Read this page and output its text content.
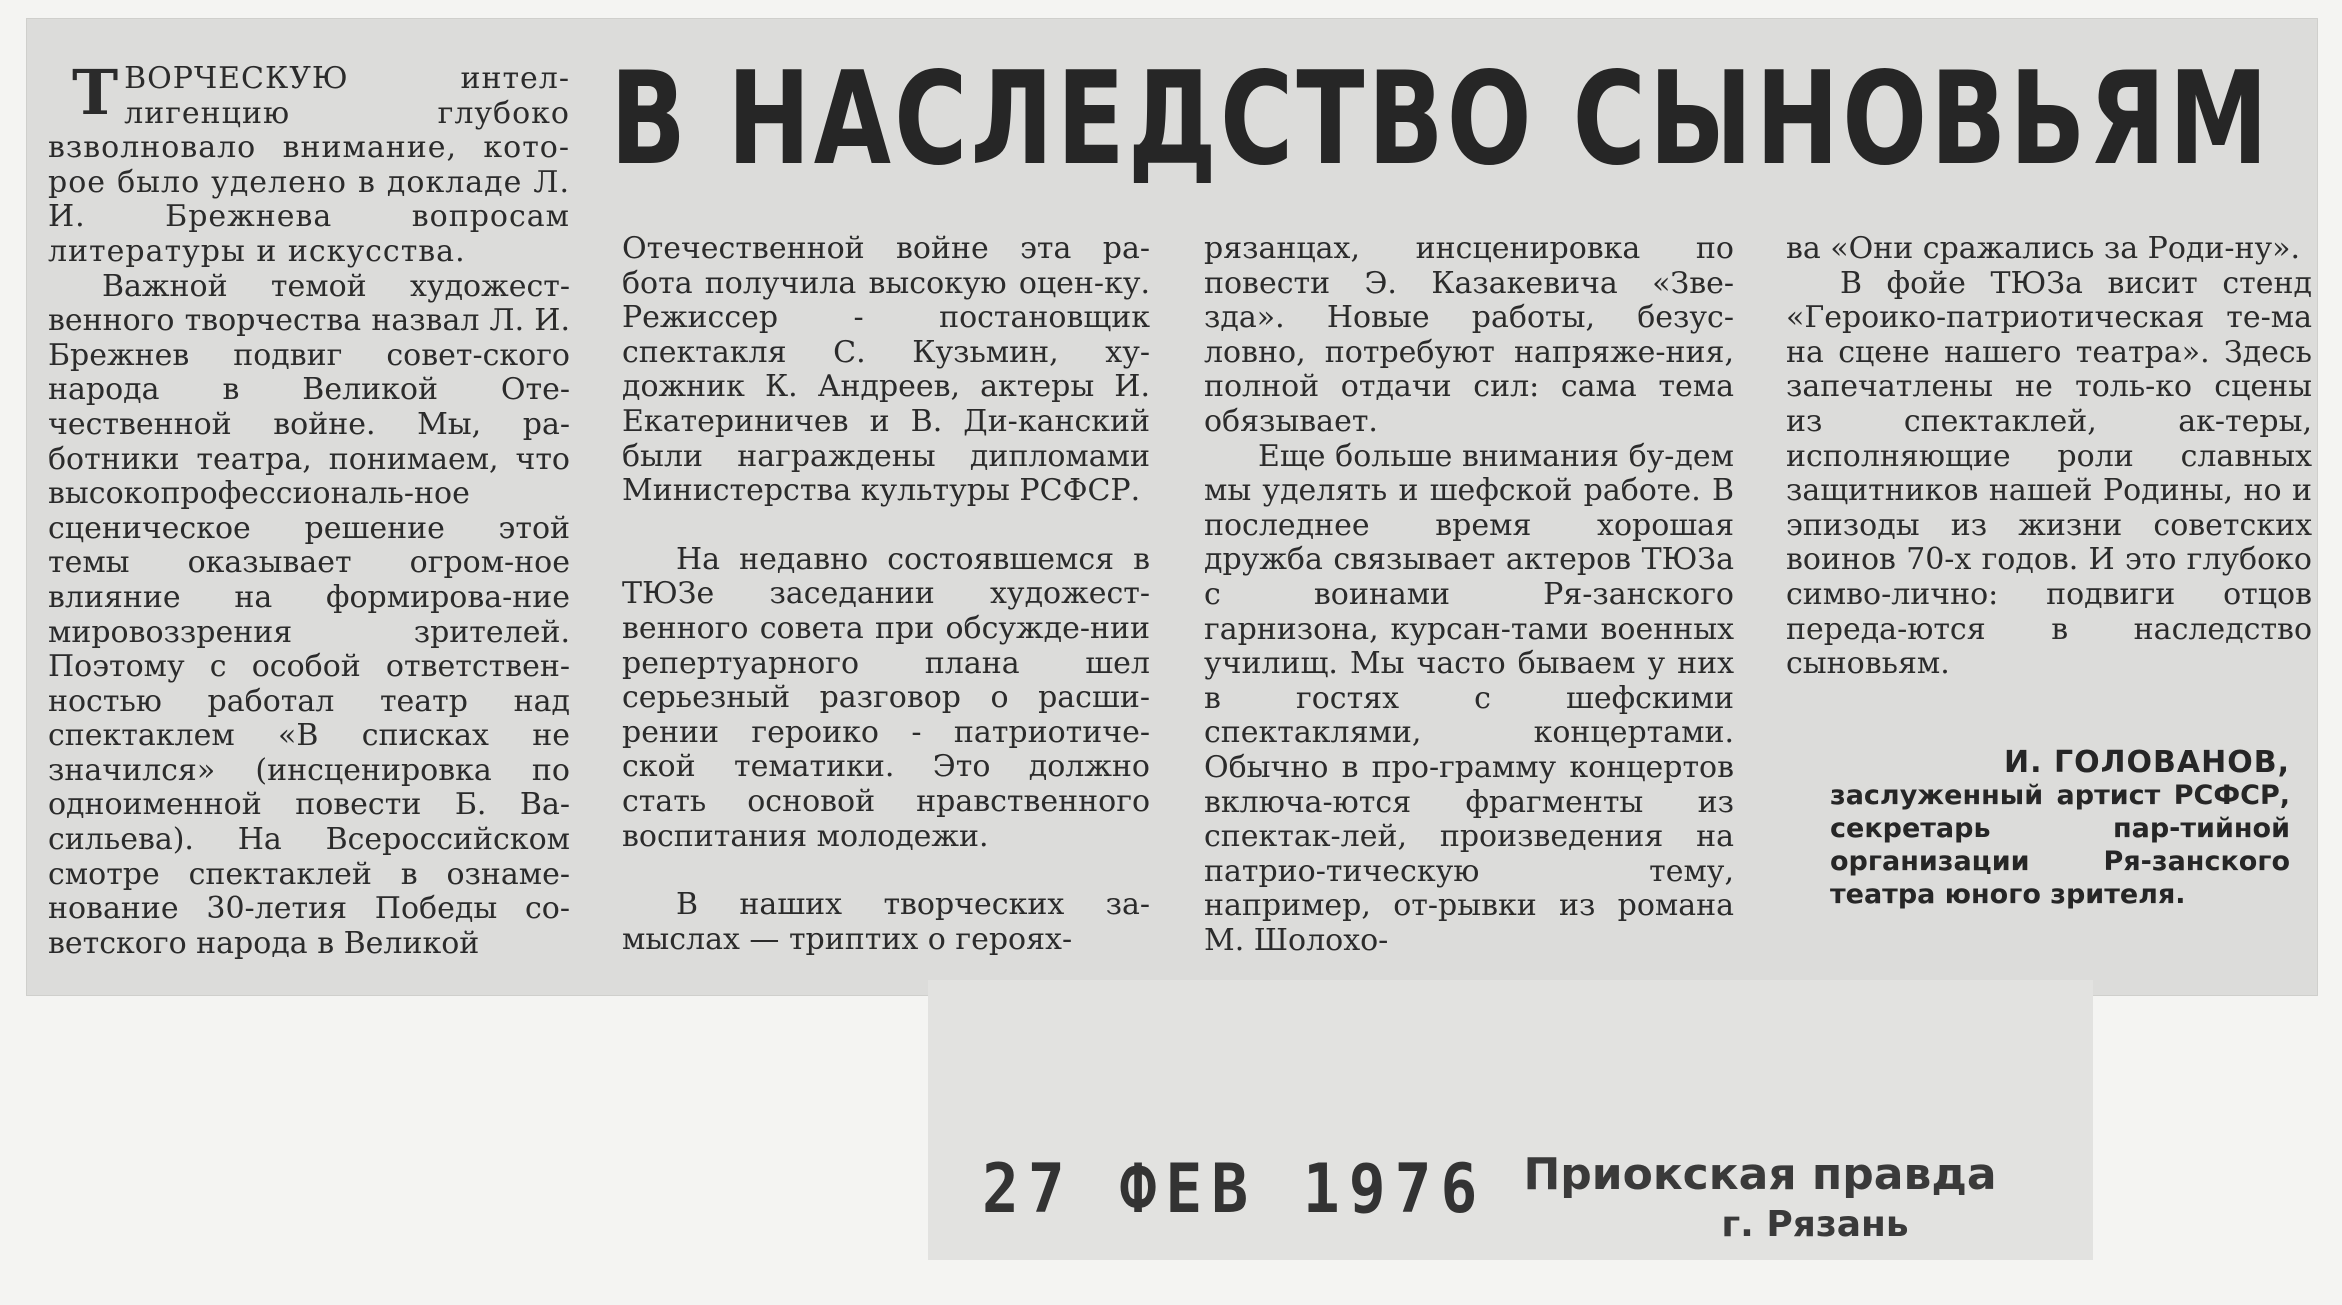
В НАСЛЕДСТВО СЫНОВЬЯМ

ТВОРЧЕСКУЮ интел-лигенцию глубоко взволновало внимание, кото-рое было уделено в докладе Л. И. Брежнева вопросам литературы и искусства.

Важной темой художест-венного творчества назвал Л. И. Брежнев подвиг совет-ского народа в Великой Оте-чественной войне. Мы, ра-ботники театра, понимаем, что высокопрофессиональ-ное сценическое решение этой темы оказывает огром-ное влияние на формирова-ние мировоззрения зрителей. Поэтому с особой ответствен-ностью работал театр над спектаклем «В списках не значился» (инсценировка по одноименной повести Б. Ва-сильева). На Всероссийском смотре спектаклей в ознаме-нование 30-летия Победы со-ветского народа в Великой

Отечественной войне эта ра-бота получила высокую оцен-ку. Режиссер - постановщик спектакля С. Кузьмин, ху-дожник К. Андреев, актеры И. Екатериничев и В. Ди-канский были награждены дипломами Министерства культуры РСФСР.

На недавно состоявшемся в ТЮЗе заседании художест-венного совета при обсужде-нии репертуарного плана шел серьезный разговор о расши-рении героико - патриотиче-ской тематики. Это должно стать основой нравственного воспитания молодежи.

В наших творческих за-мыслах — триптих о героях-

рязанцах, инсценировка по повести Э. Казакевича «Зве-зда». Новые работы, безус-ловно, потребуют напряже-ния, полной отдачи сил: сама тема обязывает.

Еще больше внимания бу-дем мы уделять и шефской работе. В последнее время хорошая дружба связывает актеров ТЮЗа с воинами Ря-занского гарнизона, курсан-тами военных училищ. Мы часто бываем у них в гостях с шефскими спектаклями, концертами. Обычно в про-грамму концертов включа-ются фрагменты из спектак-лей, произведения на патрио-тическую тему, например, от-рывки из романа М. Шолохо-

ва «Они сражались за Роди-ну».

В фойе ТЮЗа висит стенд «Героико-патриотическая те-ма на сцене нашего театра». Здесь запечатлены не толь-ко сцены из спектаклей, ак-теры, исполняющие роли славных защитников нашей Родины, но и эпизоды из жизни советских воинов 70-х годов. И это глубоко симво-лично: подвиги отцов переда-ются в наследство сыновьям.

И. ГОЛОВАНОВ,
заслуженный артист РСФСР, секретарь пар-тийной организации Ря-занского театра юного зрителя.
27 ФЕВ 1976 Приокская правда
г. Рязань
